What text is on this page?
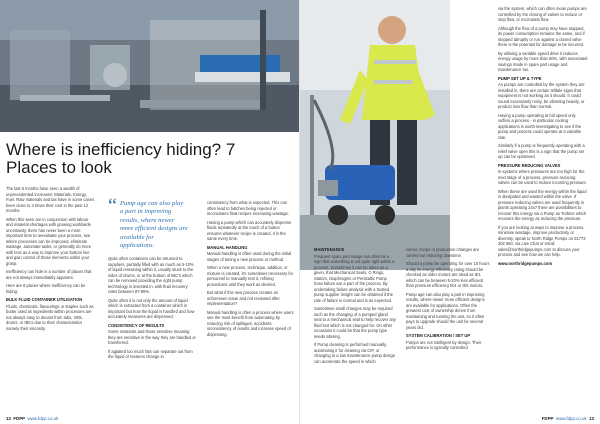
Where is inefficiency hiding? 7 Places to look

The last 6 months have seen a wealth of unprecedented increases: Materials, Energy, Fuel. Raw materials and tax have in some cases been close to 3 times their cost in the past 12 months.

When this seen are in conjunction with labour and material shortages with growing worldwide uncertainty, there has never been a more important time to reevaluate your process, see where processes can be improved, eliminate wastage, automate tasks, or generally do more with less as a way to improve your bottom line and gain control of those elements within your grasp.

Inefficiency can hide in a number of places that are not always immediately apparent.

Here are 8 places where inefficiency can be hiding:

BULK FLUID CONTAINER UTILISATION

Fluids, chemicals, flavourings or staples such as butter used as ingredients within processes are not always easy to decant from tubs, 200L drums, or IBCs due to their characteristics namely their viscosity.

“ Pump age can also play a part in improving results, where newer more efficient designs are available for applications.

Quite often containers can be returned to suppliers, partially filled with as much as 5-10% of liquid remaining within it, usually stuck to the sides of drums, or at the bottom of IBC's which can be removed providing the right pump technology is invested in, with fluid recovery rates between 97-99%.

Quite often it is not only the amount of liquid which is extracted from a container which is important but how the liquid is handled and how accurately measures are dispensed.

CONSISTENCY OF RESULTS

Some materials and those sensitive meaning they are sensitive in the way they are handled or transferred.

If agitated too much fats can separate out from the liquid or textures change in

consistency from what is expected. This can often lead to batches being rejected or inconsistent final recipes increasing wastage.

Having a pump which can accurately dispense fluids repeatedly at the touch of a button ensures whatever recipe is created, it is the same every time.

MANUAL HANDLING

Manual handling is often used during the initial stages of tuning a new process or method.

When a new process, technique, addition, or mixture is created, it's sometimes necessary for personnel to manually test it, refining procedures until they work as desired.

But what if this new process creates an unforeseen issue and not reviewed after implementation?

Manual handling is often a process where users see the most benefit from automating by reducing risk of spillages, accidents, inconsistency of results and increase speed of dispensing.

12 FDPP www.fdpp.co.uk
MAINTENANCE

Frequent spare part usage can often be a sign that something is not quite right within a process. Sometimes it can be taken as a given, that Mechanical Seals, O Rings, Stators, Diaphragms or Peristaltic Pump hose failure are a part of the process. By undertaking failure analysis with a trusted pump supplier insight can be obtained if the rate of failure is normal and is as expected.

Sometimes small changes may be required such as the changing of a pumped gland seal to a mechanical seal to help recover any fluid lost which is not changed for. On other occasions it could be that the pump type needs altering.

If Pump cleaning is performed manually, automating it for cleaning via CIP, or changing to a low maintenance pump design can accelerate the speed in which

colour, recipe or production changes are carried out reducing downtime.

Should a pump be operating for over 10 hours a day its energy efficiency rating should be checked as older motors are rated as IE1 which can be between 5-20% less efficient than premium efficiency IE4 or IE5 motors.

Pump age can also play a part in improving results, where newer more efficient designs are available for applications. Often the greatest cost of ownership derive from maintaining and running the unit, so it often pays to upgrade should the unit be several years old.

SYSTEM CALIBRATION / SET UP

Pumps are not intelligent by design. Their performance is typically controlled

via the system, which can often mean pumps are controlled by the closing of valves to reduce or stop flow, or recirculate flow.

Although the flow of a pump may have stopped, its power consumption remains the same, and if stopped abruptly or run against a closed valve there is the potential for damage to be incurred.

By utilising a variable speed drive it reduces energy usage by more than 50%, with associated savings made in spare part usage and maintenance too.

PUMP SET UP & TYPE

As pumps are controlled by the system they are installed in, there are certain telltale signs that equipment is not working as it should. It could sound excessively noisy, be vibrating heavily, or product loss flow than normal.

Having a pump operating at full speed only suffers a process - in particular cooling applications is worth investigating to see if the pump and process could operate at a variable rate.

Similarly if a pump is frequently operating with a relief valve open this is a sign that the pump set up can be optimised.

PRESSURE REDUCING VALVES

In systems where pressures are too high for the next stage of a process, pressure reducing valves can be used to reduce incoming pressure.

When these are used the energy within the liquid is dissipated and wasted within the valve. If pressure reducing valves are used frequently in plants operating 24x7 there are possibilities to recover this energy via a Pump as Turbine which recovers the energy as reducing the pressure.

If you are looking at ways to improve a process, minimise wastage, improve productivity or diversity, speak to North Ridge Pumps on 01773 302 660, via Live Chat or email sales@northridgepumps.com to discuss your process and see how we can help.

www.northridgepumps.com

FDPP www.fdpp.co.uk 13
